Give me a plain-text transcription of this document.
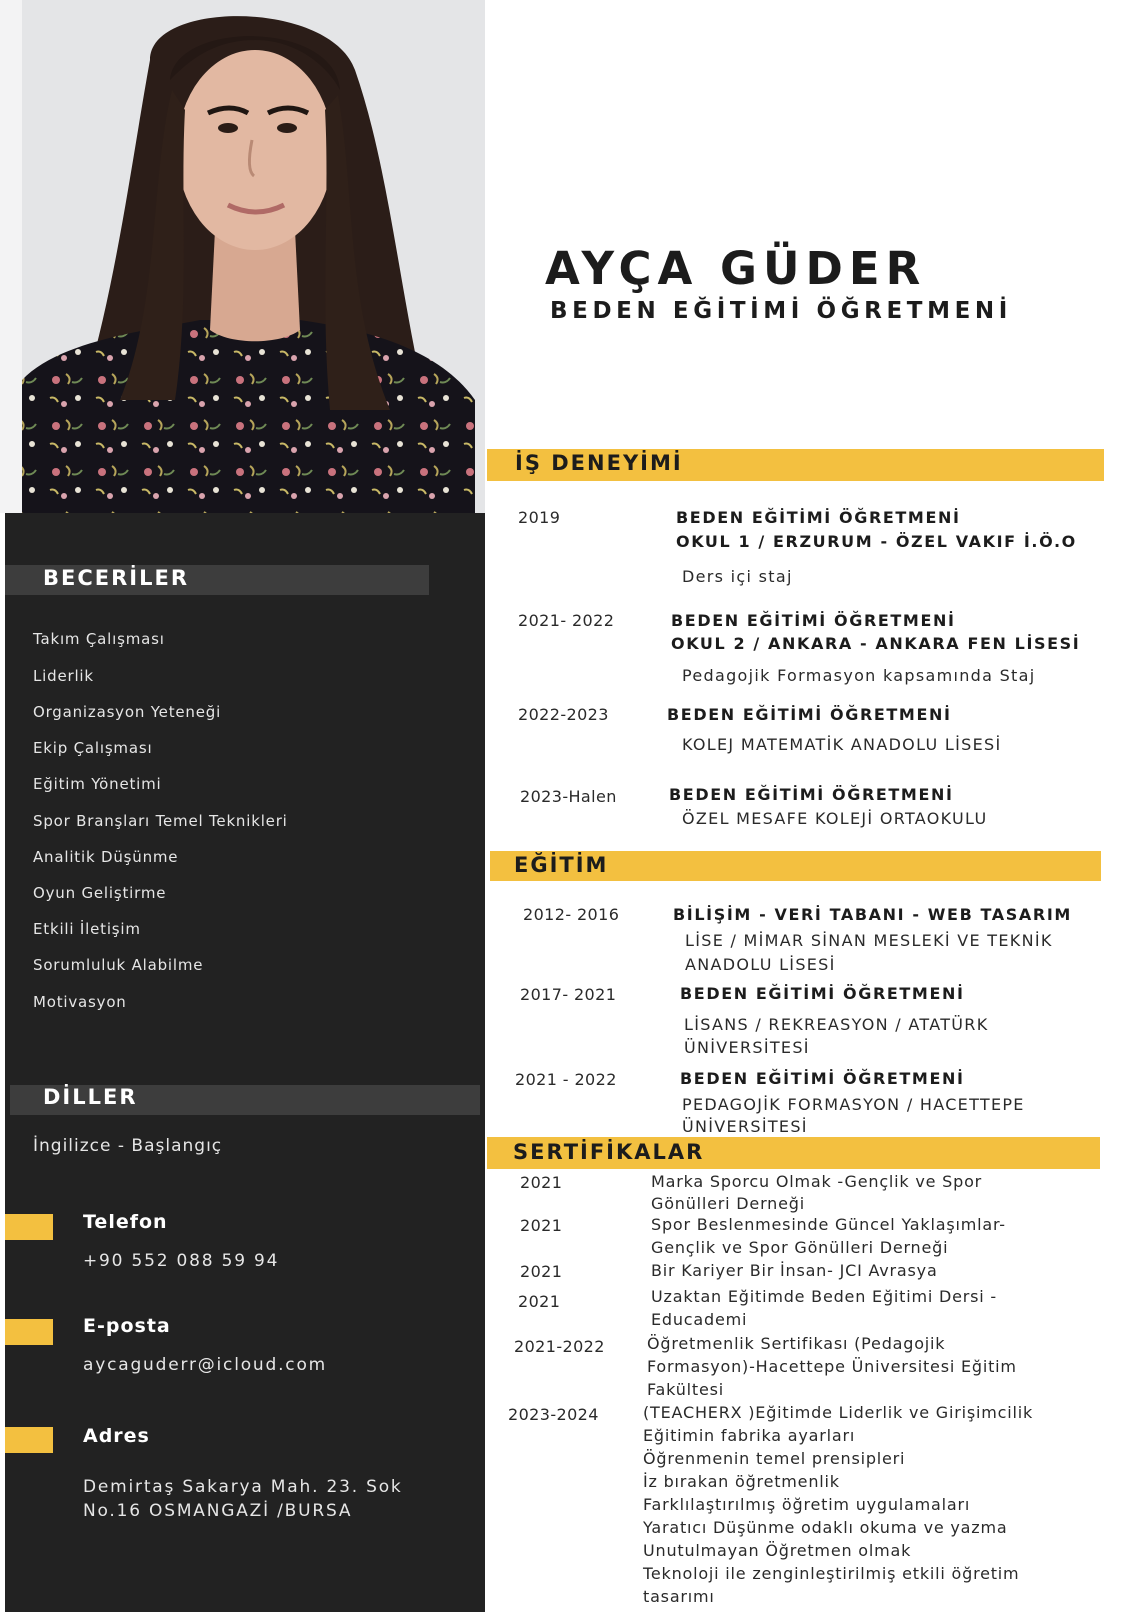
BECERİLER
Takım Çalışması
Liderlik
Organizasyon Yeteneği
Ekip Çalışması
Eğitim Yönetimi
Spor Branşları Temel Teknikleri
Analitik Düşünme
Oyun Geliştirme
Etkili İletişim
Sorumluluk Alabilme
Motivasyon
DİLLER
İngilizce - Başlangıç
Telefon
+90 552 088 59 94
E-posta
aycaguderr@icloud.com
Adres
Demirtaş Sakarya Mah. 23. Sok
No.16 OSMANGAZİ /BURSA
AYÇA GÜDER
BEDEN EĞİTİMİ ÖĞRETMENİ
İŞ DENEYİMİ
2019	BEDEN EĞİTİMİ ÖĞRETMENİ
OKUL 1 / ERZURUM - ÖZEL VAKIF İ.Ö.O
Ders içi staj
2021- 2022	BEDEN EĞİTİMİ ÖĞRETMENİ
OKUL 2 / ANKARA - ANKARA FEN LİSESİ
Pedagojik Formasyon kapsamında Staj
2022-2023	BEDEN EĞİTİMİ ÖĞRETMENİ
KOLEJ MATEMATİK ANADOLU LİSESİ
2023-Halen	BEDEN EĞİTİMİ ÖĞRETMENİ
ÖZEL MESAFE KOLEJİ ORTAOKULU
EĞİTİM
2012- 2016	BİLİŞİM - VERİ TABANI - WEB TASARIM
LİSE / MİMAR SİNAN MESLEKİ VE TEKNİK
ANADOLU LİSESİ
2017- 2021	BEDEN EĞİTİMİ ÖĞRETMENİ
LİSANS / REKREASYON / ATATÜRK
ÜNİVERSİTESİ
2021 - 2022	BEDEN EĞİTİMİ ÖĞRETMENİ
PEDAGOJİK FORMASYON / HACETTEPE
ÜNİVERSİTESİ
SERTİFİKALAR
2021	Marka Sporcu Olmak -Gençlik ve Spor
Gönülleri Derneği
2021	Spor Beslenmesinde Güncel Yaklaşımlar-
Gençlik ve Spor Gönülleri Derneği
2021	Bir Kariyer Bir İnsan- JCI Avrasya
2021	Uzaktan Eğitimde Beden Eğitimi Dersi -
Educademi
2021-2022	Öğretmenlik Sertifikası (Pedagojik
Formasyon)-Hacettepe Üniversitesi Eğitim
Fakültesi
2023-2024	(TEACHERX )Eğitimde Liderlik ve Girişimcilik
Eğitimin fabrika ayarları
Öğrenmenin temel prensipleri
İz bırakan öğretmenlik
Farklılaştırılmış öğretim uygulamaları
Yaratıcı Düşünme odaklı okuma ve yazma
Unutulmayan Öğretmen olmak
Teknoloji ile zenginleştirilmiş etkili öğretim
tasarımı
